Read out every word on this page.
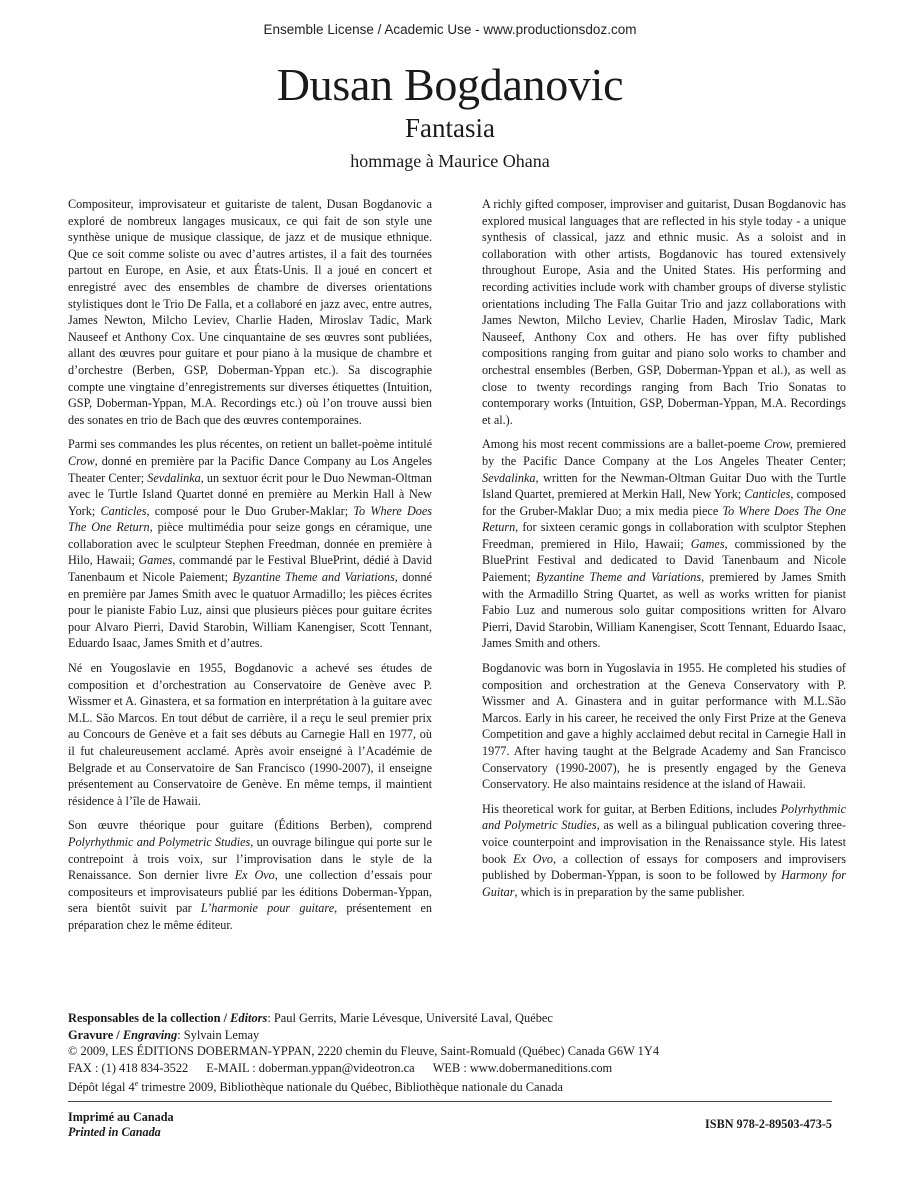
Ensemble License / Academic Use - www.productionsdoz.com
Dusan Bogdanovic
Fantasia
hommage à Maurice Ohana

Compositeur, improvisateur et guitariste de talent, Dusan Bogdanovic a exploré de nombreux langages musicaux, ce qui fait de son style une synthèse unique de musique classique, de jazz et de musique ethnique. Que ce soit comme soliste ou avec d’autres artistes, il a fait des tournées partout en Europe, en Asie, et aux États-Unis. Il a joué en concert et enregistré avec des ensembles de chambre de diverses orientations stylistiques dont le Trio De Falla, et a collaboré en jazz avec, entre autres, James Newton, Milcho Leviev, Charlie Haden, Miroslav Tadic, Mark Nauseef et Anthony Cox. Une cinquantaine de ses œuvres sont publiées, allant des œuvres pour guitare et pour piano à la musique de chambre et d’orchestre (Berben, GSP, Doberman-Yppan etc.). Sa discographie compte une vingtaine d’enregistrements sur diverses étiquettes (Intuition, GSP, Doberman-Yppan, M.A. Recordings etc.) où l’on trouve aussi bien des sonates en trio de Bach que des œuvres contemporaines.

Parmi ses commandes les plus récentes, on retient un ballet-poème intitulé Crow, donné en première par la Pacific Dance Company au Los Angeles Theater Center; Sevdalinka, un sextuor écrit pour le Duo Newman-Oltman avec le Turtle Island Quartet donné en première au Merkin Hall à New York; Canticles, composé pour le Duo Gruber-Maklar; To Where Does The One Return, pièce multimédia pour seize gongs en céramique, une collaboration avec le sculpteur Stephen Freedman, donnée en première à Hilo, Hawaii; Games, commandé par le Festival BluePrint, dédié à David Tanenbaum et Nicole Paiement; Byzantine Theme and Variations, donné en première par James Smith avec le quatuor Armadillo; les pièces écrites pour le pianiste Fabio Luz, ainsi que plusieurs pièces pour guitare écrites pour Alvaro Pierri, David Starobin, William Kanengiser, Scott Tennant, Eduardo Isaac, James Smith et d’autres.

Né en Yougoslavie en 1955, Bogdanovic a achevé ses études de composition et d’orchestration au Conservatoire de Genève avec P. Wissmer et A. Ginastera, et sa formation en interprétation à la guitare avec M.L. São Marcos. En tout début de carrière, il a reçu le seul premier prix au Concours de Genève et a fait ses débuts au Carnegie Hall en 1977, où il fut chaleureusement acclamé. Après avoir enseigné à l’Académie de Belgrade et au Conservatoire de San Francisco (1990-2007), il enseigne présentement au Conservatoire de Genève. En même temps, il maintient résidence à l’île de Hawaii.

Son œuvre théorique pour guitare (Éditions Berben), comprend Polyrhythmic and Polymetric Studies, un ouvrage bilingue qui porte sur le contrepoint à trois voix, sur l’improvisation dans le style de la Renaissance. Son dernier livre Ex Ovo, une collection d’essais pour compositeurs et improvisateurs publié par les éditions Doberman-Yppan, sera bientôt suivit par L’harmonie pour guitare, présentement en préparation chez le même éditeur.

A richly gifted composer, improviser and guitarist, Dusan Bogdanovic has explored musical languages that are reflected in his style today - a unique synthesis of classical, jazz and ethnic music. As a soloist and in collaboration with other artists, Bogdanovic has toured extensively throughout Europe, Asia and the United States. His performing and recording activities include work with chamber groups of diverse stylistic orientations including The Falla Guitar Trio and jazz collaborations with James Newton, Milcho Leviev, Charlie Haden, Miroslav Tadic, Mark Nauseef, Anthony Cox and others. He has over fifty published compositions ranging from guitar and piano solo works to chamber and orchestral ensembles (Berben, GSP, Doberman-Yppan et al.), as well as close to twenty recordings ranging from Bach Trio Sonatas to contemporary works (Intuition, GSP, Doberman-Yppan, M.A. Recordings et al.).

Among his most recent commissions are a ballet-poeme Crow, premiered by the Pacific Dance Company at the Los Angeles Theater Center; Sevdalinka, written for the Newman-Oltman Guitar Duo with the Turtle Island Quartet, premiered at Merkin Hall, New York; Canticles, composed for the Gruber-Maklar Duo; a mix media piece To Where Does The One Return, for sixteen ceramic gongs in collaboration with sculptor Stephen Freedman, premiered in Hilo, Hawaii; Games, commissioned by the BluePrint Festival and dedicated to David Tanenbaum and Nicole Paiement; Byzantine Theme and Variations, premiered by James Smith with the Armadillo String Quartet, as well as works written for pianist Fabio Luz and numerous solo guitar compositions written for Alvaro Pierri, David Starobin, William Kanengiser, Scott Tennant, Eduardo Isaac, James Smith and others.

Bogdanovic was born in Yugoslavia in 1955. He completed his studies of composition and orchestration at the Geneva Conservatory with P. Wissmer and A. Ginastera and in guitar performance with M.L.São Marcos. Early in his career, he received the only First Prize at the Geneva Competition and gave a highly acclaimed debut recital in Carnegie Hall in 1977. After having taught at the Belgrade Academy and San Francisco Conservatory (1990-2007), he is presently engaged by the Geneva Conservatory. He also maintains residence at the island of Hawaii.

His theoretical work for guitar, at Berben Editions, includes Polyrhythmic and Polymetric Studies, as well as a bilingual publication covering three- voice counterpoint and improvisation in the Renaissance style. His latest book Ex Ovo, a collection of essays for composers and improvisers published by Doberman-Yppan, is soon to be followed by Harmony for Guitar, which is in preparation by the same publisher.

Responsables de la collection / Editors: Paul Gerrits, Marie Lévesque, Université Laval, Québec
Gravure / Engraving: Sylvain Lemay
© 2009, LES ÉDITIONS DOBERMAN-YPPAN, 2220 chemin du Fleuve, Saint-Romuald (Québec) Canada G6W 1Y4
FAX : (1) 418 834-3522 E-MAIL : doberman.yppan@videotron.ca WEB : www.dobermaneditions.com
Dépôt légal 4e trimestre 2009, Bibliothèque nationale du Québec, Bibliothèque nationale du Canada
Imprimé au Canada
Printed in Canada
ISBN 978-2-89503-473-5
